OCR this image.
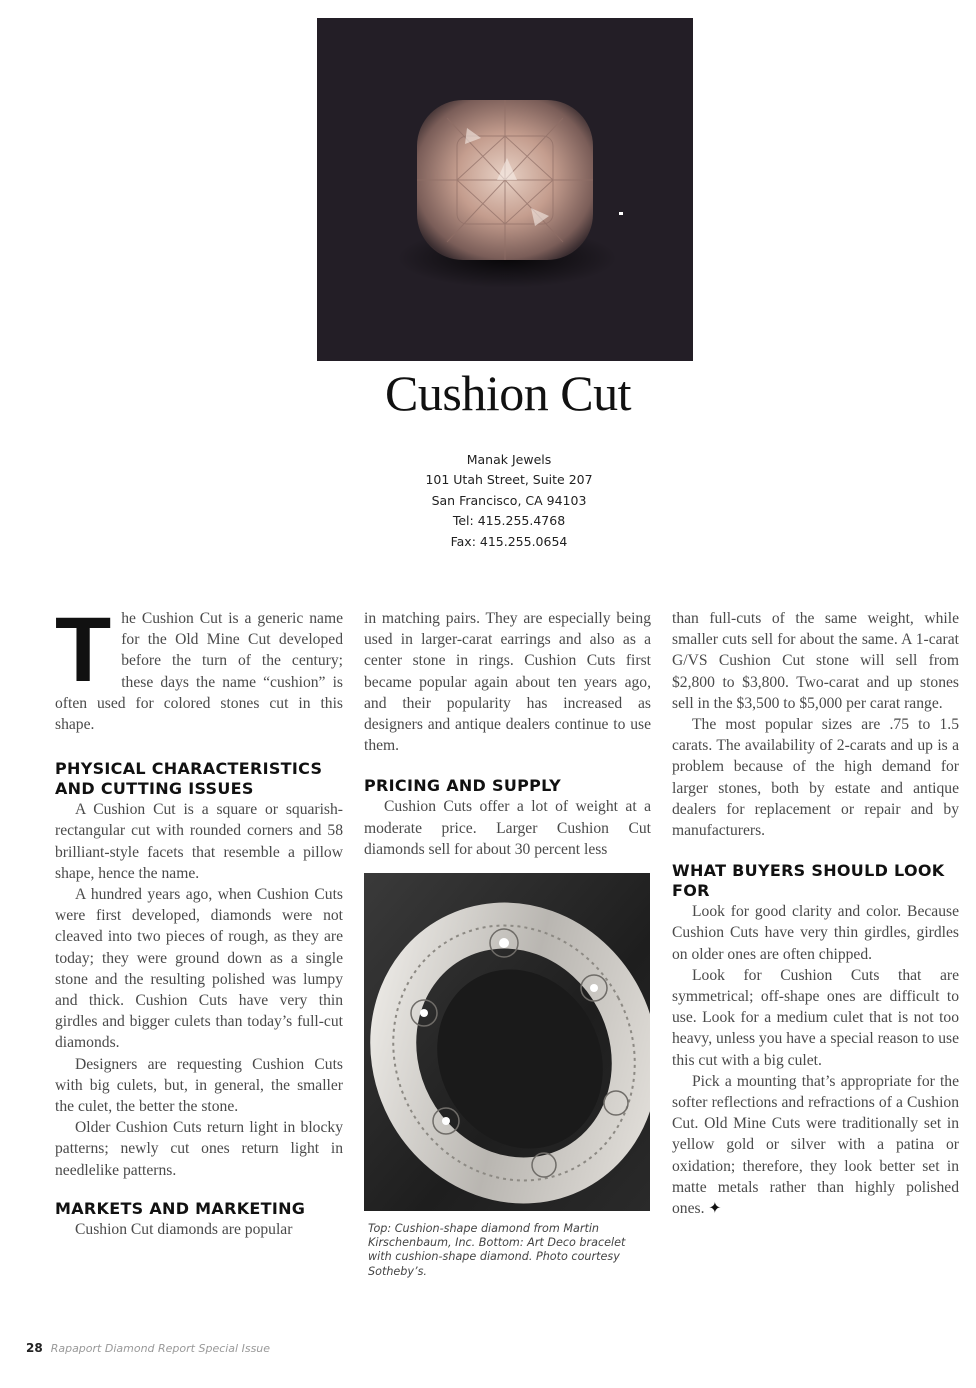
Cushion Cut
Manak Jewels
101 Utah Street, Suite 207
San Francisco, CA 94103
Tel: 415.255.4768
Fax: 415.255.0654

The Cushion Cut is a generic name for the Old Mine Cut developed before the turn of the century; these days the name “cushion” is often used for colored stones cut in this shape.

PHYSICAL CHARACTERISTICS AND CUTTING ISSUES

A Cushion Cut is a square or squarish-rectangular cut with rounded corners and 58 brilliant-style facets that resemble a pillow shape, hence the name.

A hundred years ago, when Cushion Cuts were first developed, diamonds were not cleaved into two pieces of rough, as they are today; they were ground down as a single stone and the resulting polished was lumpy and thick. Cushion Cuts have very thin girdles and bigger culets than today’s full-cut diamonds.

Designers are requesting Cushion Cuts with big culets, but, in general, the smaller the culet, the better the stone.

Older Cushion Cuts return light in blocky patterns; newly cut ones return light in needlelike patterns.

MARKETS AND MARKETING

Cushion Cut diamonds are popular

in matching pairs. They are especially being used in larger-carat earrings and also as a center stone in rings. Cushion Cuts first became popular again about ten years ago, and their popularity has increased as designers and antique dealers continue to use them.

PRICING AND SUPPLY

Cushion Cuts offer a lot of weight at a moderate price. Larger Cushion Cut diamonds sell for about 30 percent less

Top: Cushion-shape diamond from Martin Kirschenbaum, Inc. Bottom: Art Deco bracelet with cushion-shape diamond. Photo courtesy Sotheby’s.

than full-cuts of the same weight, while smaller cuts sell for about the same. A 1-carat G/VS Cushion Cut stone will sell from $2,800 to $3,800. Two-carat and up stones sell in the $3,500 to $5,000 per carat range.

The most popular sizes are .75 to 1.5 carats. The availability of 2-carats and up is a problem because of the high demand for larger stones, both by estate and antique dealers for replacement or repair and by manufacturers.

WHAT BUYERS SHOULD LOOK FOR

Look for good clarity and color. Because Cushion Cuts have very thin girdles, girdles on older ones are often chipped.

Look for Cushion Cuts that are symmetrical; off-shape ones are difficult to use. Look for a medium culet that is not too heavy, unless you have a special reason to use this cut with a big culet.

Pick a mounting that’s appropriate for the softer reflections and refractions of a Cushion Cut. Old Mine Cuts were traditionally set in yellow gold or silver with a patina or oxidation; therefore, they look better set in matte metals rather than highly polished ones. ✦

28 Rapaport Diamond Report Special Issue
